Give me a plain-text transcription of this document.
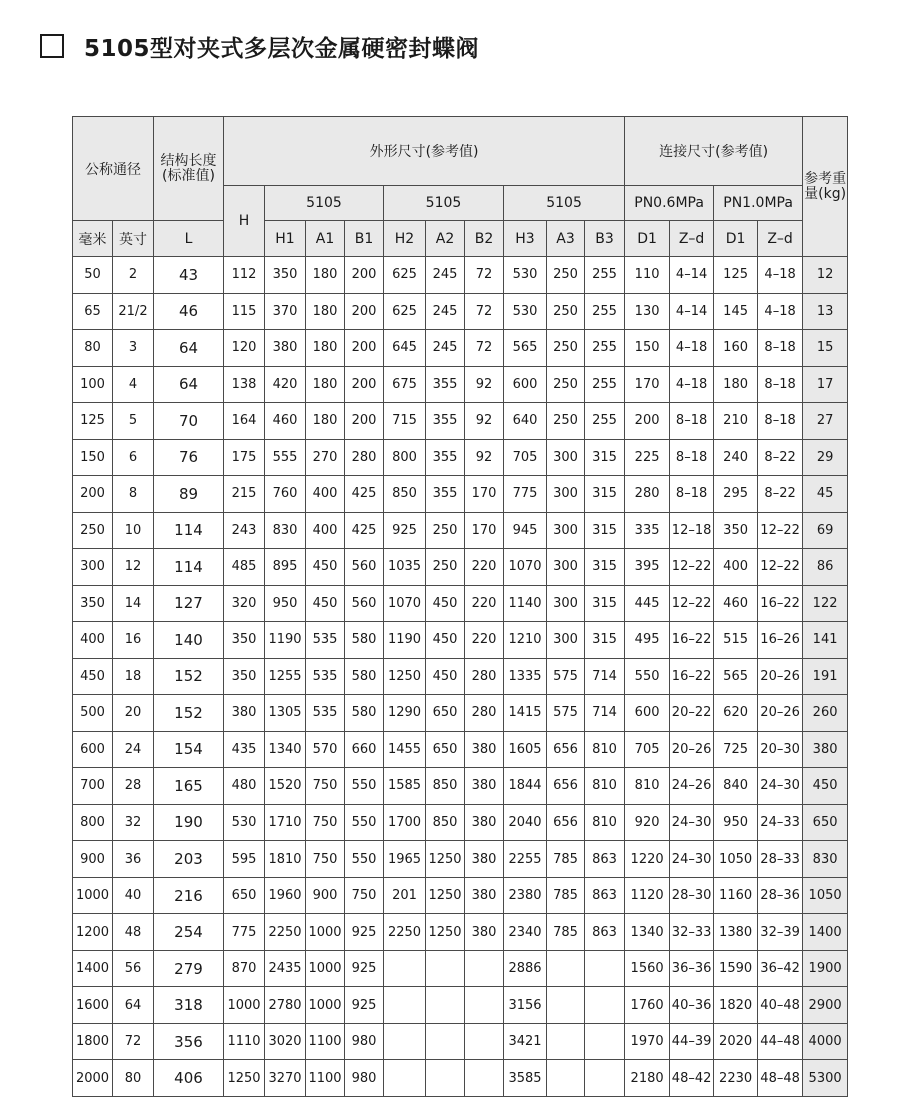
5105型对夹式多层次金属硬密封蝶阀
公称通径		结构长度(标准值)	外形尺寸(参考值)										连接尺寸(参考值)				参考重量(kg)
			H	5105			5105			5105			PN0.6MPa		PN1.0MPa		
毫米	英寸	L		H1	A1	B1	H2	A2	B2	H3	A3	B3	D1	Z–d	D1	Z–d	
50	2	43	112	350	180	200	625	245	72	530	250	255	110	4–14	125	4–18	12
65	21/2	46	115	370	180	200	625	245	72	530	250	255	130	4–14	145	4–18	13
80	3	64	120	380	180	200	645	245	72	565	250	255	150	4–18	160	8–18	15
100	4	64	138	420	180	200	675	355	92	600	250	255	170	4–18	180	8–18	17
125	5	70	164	460	180	200	715	355	92	640	250	255	200	8–18	210	8–18	27
150	6	76	175	555	270	280	800	355	92	705	300	315	225	8–18	240	8–22	29
200	8	89	215	760	400	425	850	355	170	775	300	315	280	8–18	295	8–22	45
250	10	114	243	830	400	425	925	250	170	945	300	315	335	12–18	350	12–22	69
300	12	114	485	895	450	560	1035	250	220	1070	300	315	395	12–22	400	12–22	86
350	14	127	320	950	450	560	1070	450	220	1140	300	315	445	12–22	460	16–22	122
400	16	140	350	1190	535	580	1190	450	220	1210	300	315	495	16–22	515	16–26	141
450	18	152	350	1255	535	580	1250	450	280	1335	575	714	550	16–22	565	20–26	191
500	20	152	380	1305	535	580	1290	650	280	1415	575	714	600	20–22	620	20–26	260
600	24	154	435	1340	570	660	1455	650	380	1605	656	810	705	20–26	725	20–30	380
700	28	165	480	1520	750	550	1585	850	380	1844	656	810	810	24–26	840	24–30	450
800	32	190	530	1710	750	550	1700	850	380	2040	656	810	920	24–30	950	24–33	650
900	36	203	595	1810	750	550	1965	1250	380	2255	785	863	1220	24–30	1050	28–33	830
1000	40	216	650	1960	900	750	201	1250	380	2380	785	863	1120	28–30	1160	28–36	1050
1200	48	254	775	2250	1000	925	2250	1250	380	2340	785	863	1340	32–33	1380	32–39	1400
1400	56	279	870	2435	1000	925				2886			1560	36–36	1590	36–42	1900
1600	64	318	1000	2780	1000	925				3156			1760	40–36	1820	40–48	2900
1800	72	356	1110	3020	1100	980				3421			1970	44–39	2020	44–48	4000
2000	80	406	1250	3270	1100	980				3585			2180	48–42	2230	48–48	5300
